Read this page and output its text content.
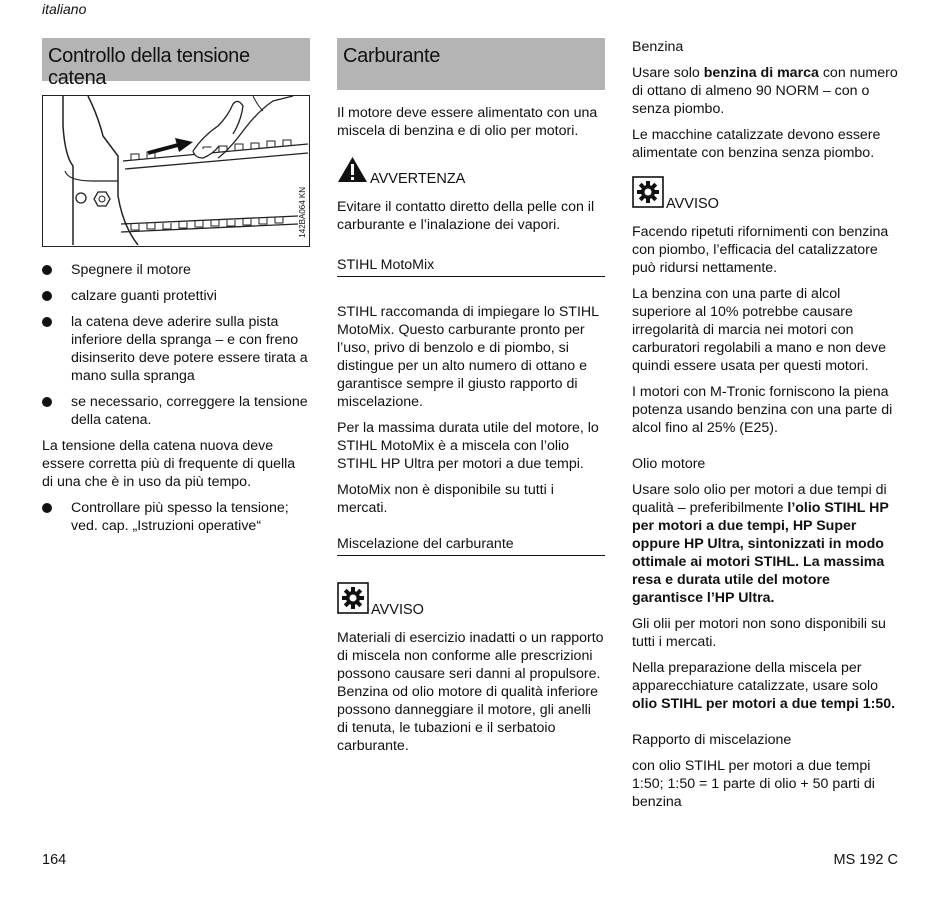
italiano
Controllo della tensione catena
142BA064 KN
Spegnere il motore
calzare guanti protettivi
la catena deve aderire sulla pista inferiore della spranga – e con freno disinserito deve potere essere tirata a mano sulla spranga
se necessario, correggere la tensione della catena.

La tensione della catena nuova deve essere corretta più di frequente di quella di una che è in uso da più tempo.

Controllare più spesso la tensione; ved. cap. „Istruzioni operative“
Carburante

Il motore deve essere alimentato con una miscela di benzina e di olio per motori.

AVVERTENZA

Evitare il contatto diretto della pelle con il carburante e l’inalazione dei vapori.

STIHL MotoMix

STIHL raccomanda di impiegare lo STIHL MotoMix. Questo carburante pronto per l’uso, privo di benzolo e di piombo, si distingue per un alto numero di ottano e garantisce sempre il giusto rapporto di miscelazione.

Per la massima durata utile del motore, lo STIHL MotoMix è a miscela con l’olio STIHL HP Ultra per motori a due tempi.

MotoMix non è disponibile su tutti i mercati.

Miscelazione del carburante
AVVISO

Materiali di esercizio inadatti o un rapporto di miscela non conforme alle prescrizioni possono causare seri danni al propulsore. Benzina od olio motore di qualità inferiore possono danneggiare il motore, gli anelli di tenuta, le tubazioni e il serbatoio carburante.

Benzina

Usare solo benzina di marca con numero di ottano di almeno 90 NORM – con o senza piombo.

Le macchine catalizzate devono essere alimentate con benzina senza piombo.

AVVISO

Facendo ripetuti rifornimenti con benzina con piombo, l’efficacia del catalizzatore può ridursi nettamente.

La benzina con una parte di alcol superiore al 10% potrebbe causare irregolarità di marcia nei motori con carburatori regolabili a mano e non deve quindi essere usata per questi motori.

I motori con M-Tronic forniscono la piena potenza usando benzina con una parte di alcol fino al 25% (E25).

Olio motore

Usare solo olio per motori a due tempi di qualità – preferibilmente l’olio STIHL HP per motori a due tempi, HP Super oppure HP Ultra, sintonizzati in modo ottimale ai motori STIHL. La massima resa e durata utile del motore garantisce l’HP Ultra.

Gli olii per motori non sono disponibili su tutti i mercati.

Nella preparazione della miscela per apparecchiature catalizzate, usare solo olio STIHL per motori a due tempi 1:50.

Rapporto di miscelazione

con olio STIHL per motori a due tempi 1:50; 1:50 = 1 parte di olio + 50 parti di benzina

164	MS 192 C
